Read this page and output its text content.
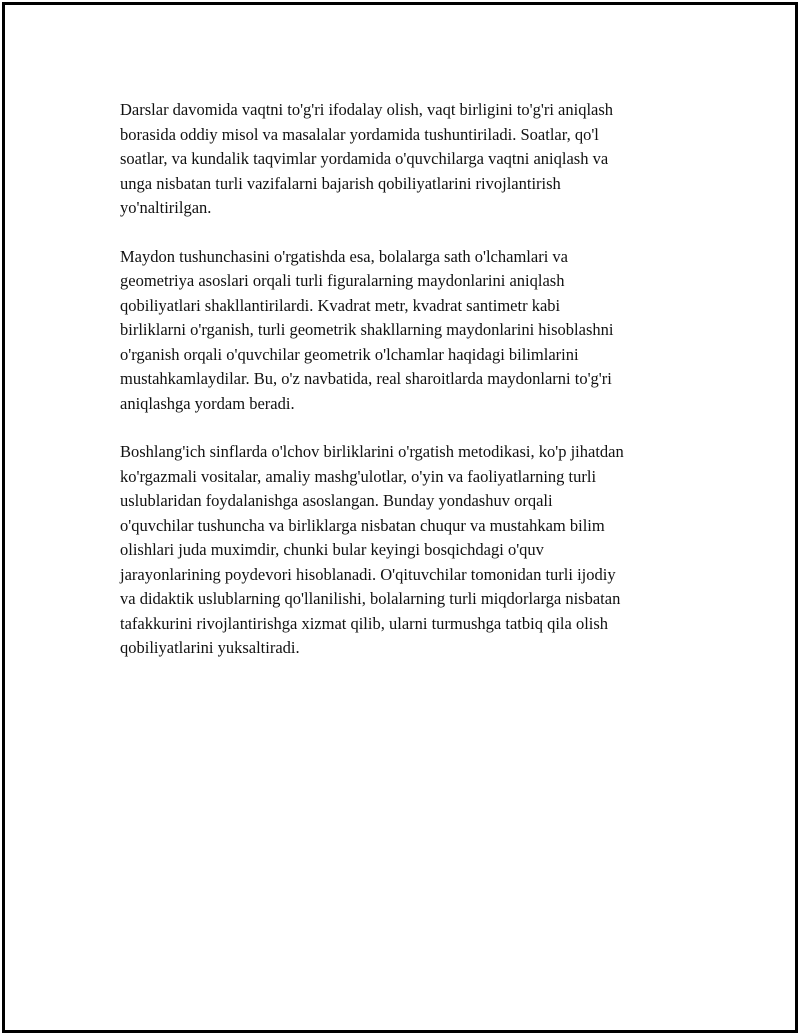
Darslar davomida vaqtni to'g'ri ifodalay olish, vaqt birligini to'g'ri aniqlash
borasida oddiy misol va masalalar yordamida tushuntiriladi. Soatlar, qo'l
soatlar, va kundalik taqvimlar yordamida o'quvchilarga vaqtni aniqlash va
unga nisbatan turli vazifalarni bajarish qobiliyatlarini rivojlantirish
yo'naltirilgan.

Maydon tushunchasini o'rgatishda esa, bolalarga sath o'lchamlari va
geometriya asoslari orqali turli figuralarning maydonlarini aniqlash
qobiliyatlari shakllantirilardi. Kvadrat metr, kvadrat santimetr kabi
birliklarni o'rganish, turli geometrik shakllarning maydonlarini hisoblashni
o'rganish orqali o'quvchilar geometrik o'lchamlar haqidagi bilimlarini
mustahkamlaydilar. Bu, o'z navbatida, real sharoitlarda maydonlarni to'g'ri
aniqlashga yordam beradi.

Boshlang'ich sinflarda o'lchov birliklarini o'rgatish metodikasi, ko'p jihatdan
ko'rgazmali vositalar, amaliy mashg'ulotlar, o'yin va faoliyatlarning turli
uslublaridan foydalanishga asoslangan. Bunday yondashuv orqali
o'quvchilar tushuncha va birliklarga nisbatan chuqur va mustahkam bilim
olishlari juda muximdir, chunki bular keyingi bosqichdagi o'quv
jarayonlarining poydevori hisoblanadi. O'qituvchilar tomonidan turli ijodiy
va didaktik uslublarning qo'llanilishi, bolalarning turli miqdorlarga nisbatan
tafakkurini rivojlantirishga xizmat qilib, ularni turmushga tatbiq qila olish
qobiliyatlarini yuksaltiradi.
